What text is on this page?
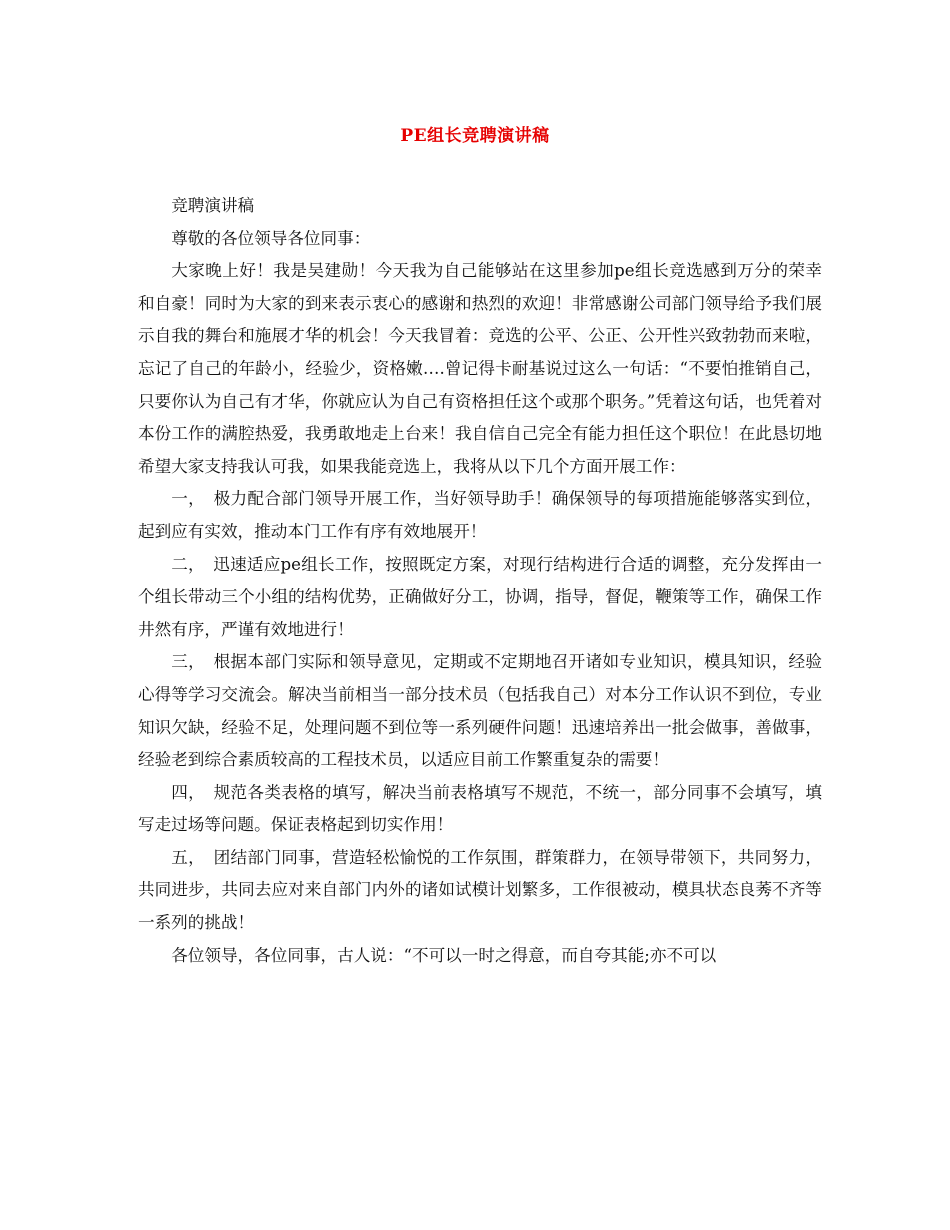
PE组长竞聘演讲稿

竞聘演讲稿

尊敬的各位领导各位同事：

大家晚上好！我是吴建勋！今天我为自己能够站在这里参加pe组长竞选感到万分的荣幸和自豪！同时为大家的到来表示衷心的感谢和热烈的欢迎！非常感谢公司部门领导给予我们展示自我的舞台和施展才华的机会！今天我冒着：竞选的公平、公正、公开性兴致勃勃而来啦，忘记了自己的年龄小，经验少，资格嫩….曾记得卡耐基说过这么一句话：“不要怕推销自己，只要你认为自己有才华，你就应认为自己有资格担任这个或那个职务。”凭着这句话，也凭着对本份工作的满腔热爱，我勇敢地走上台来！我自信自己完全有能力担任这个职位！在此恳切地希望大家支持我认可我，如果我能竞选上，我将从以下几个方面开展工作：

一，　极力配合部门领导开展工作，当好领导助手！确保领导的每项措施能够落实到位，起到应有实效，推动本门工作有序有效地展开！

二，　迅速适应pe组长工作，按照既定方案，对现行结构进行合适的调整，充分发挥由一个组长带动三个小组的结构优势，正确做好分工，协调，指导，督促，鞭策等工作，确保工作井然有序，严谨有效地进行！

三，　根据本部门实际和领导意见，定期或不定期地召开诸如专业知识，模具知识，经验心得等学习交流会。解决当前相当一部分技术员（包括我自己）对本分工作认识不到位，专业知识欠缺，经验不足，处理问题不到位等一系列硬件问题！迅速培养出一批会做事，善做事，经验老到综合素质较高的工程技术员，以适应目前工作繁重复杂的需要！

四，　规范各类表格的填写，解决当前表格填写不规范，不统一，部分同事不会填写，填写走过场等问题。保证表格起到切实作用！

五，　团结部门同事，营造轻松愉悦的工作氛围，群策群力，在领导带领下，共同努力，共同进步，共同去应对来自部门内外的诸如试模计划繁多，工作很被动，模具状态良莠不齐等一系列的挑战！

各位领导，各位同事，古人说：“不可以一时之得意，而自夸其能;亦不可以
